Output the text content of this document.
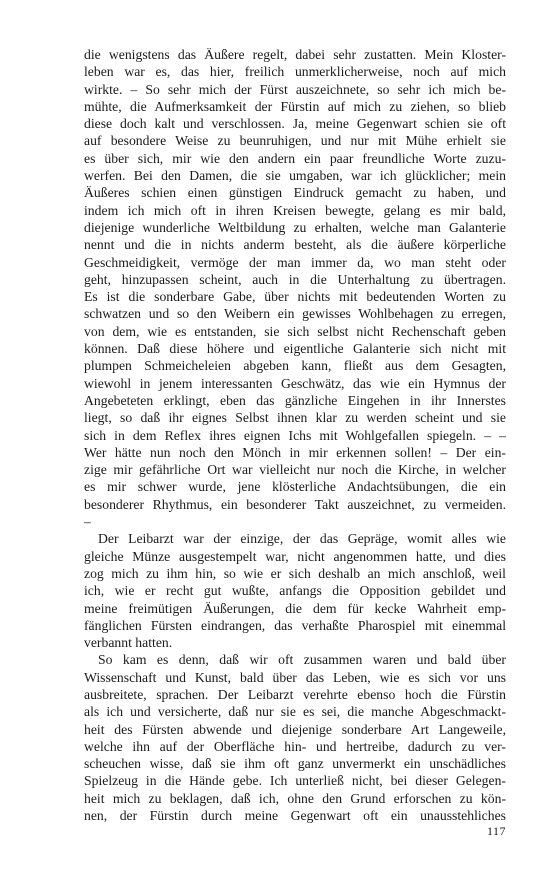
die wenigstens das Äußere regelt, dabei sehr zustatten. Mein Kloster-
leben war es, das hier, freilich unmerklicherweise, noch auf mich
wirkte. – So sehr mich der Fürst auszeichnete, so sehr ich mich be-
mühte, die Aufmerksamkeit der Fürstin auf mich zu ziehen, so blieb
diese doch kalt und verschlossen. Ja, meine Gegenwart schien sie oft
auf besondere Weise zu beunruhigen, und nur mit Mühe erhielt sie
es über sich, mir wie den andern ein paar freundliche Worte zuzu-
werfen. Bei den Damen, die sie umgaben, war ich glücklicher; mein
Äußeres schien einen günstigen Eindruck gemacht zu haben, und
indem ich mich oft in ihren Kreisen bewegte, gelang es mir bald,
diejenige wunderliche Weltbildung zu erhalten, welche man Galanterie
nennt und die in nichts anderm besteht, als die äußere körperliche
Geschmeidigkeit, vermöge der man immer da, wo man steht oder
geht, hinzupassen scheint, auch in die Unterhaltung zu übertragen.
Es ist die sonderbare Gabe, über nichts mit bedeutenden Worten zu
schwatzen und so den Weibern ein gewisses Wohlbehagen zu erregen,
von dem, wie es entstanden, sie sich selbst nicht Rechenschaft geben
können. Daß diese höhere und eigentliche Galanterie sich nicht mit
plumpen Schmeicheleien abgeben kann, fließt aus dem Gesagten,
wiewohl in jenem interessanten Geschwätz, das wie ein Hymnus der
Angebeteten erklingt, eben das gänzliche Eingehen in ihr Innerstes
liegt, so daß ihr eignes Selbst ihnen klar zu werden scheint und sie
sich in dem Reflex ihres eignen Ichs mit Wohlgefallen spiegeln. – –
Wer hätte nun noch den Mönch in mir erkennen sollen! – Der ein-
zige mir gefährliche Ort war vielleicht nur noch die Kirche, in welcher
es mir schwer wurde, jene klösterliche Andachtsübungen, die ein
besonderer Rhythmus, ein besonderer Takt auszeichnet, zu vermeiden.
–
Der Leibarzt war der einzige, der das Gepräge, womit alles wie
gleiche Münze ausgestempelt war, nicht angenommen hatte, und dies
zog mich zu ihm hin, so wie er sich deshalb an mich anschloß, weil
ich, wie er recht gut wußte, anfangs die Opposition gebildet und
meine freimütigen Äußerungen, die dem für kecke Wahrheit emp-
fänglichen Fürsten eindrangen, das verhaßte Pharospiel mit einemmal
verbannt hatten.
So kam es denn, daß wir oft zusammen waren und bald über
Wissenschaft und Kunst, bald über das Leben, wie es sich vor uns
ausbreitete, sprachen. Der Leibarzt verehrte ebenso hoch die Fürstin
als ich und versicherte, daß nur sie es sei, die manche Abgeschmackt-
heit des Fürsten abwende und diejenige sonderbare Art Langeweile,
welche ihn auf der Oberfläche hin- und hertreibe, dadurch zu ver-
scheuchen wisse, daß sie ihm oft ganz unvermerkt ein unschädliches
Spielzeug in die Hände gebe. Ich unterließ nicht, bei dieser Gelegen-
heit mich zu beklagen, daß ich, ohne den Grund erforschen zu kön-
nen, der Fürstin durch meine Gegenwart oft ein unausstehliches
117
